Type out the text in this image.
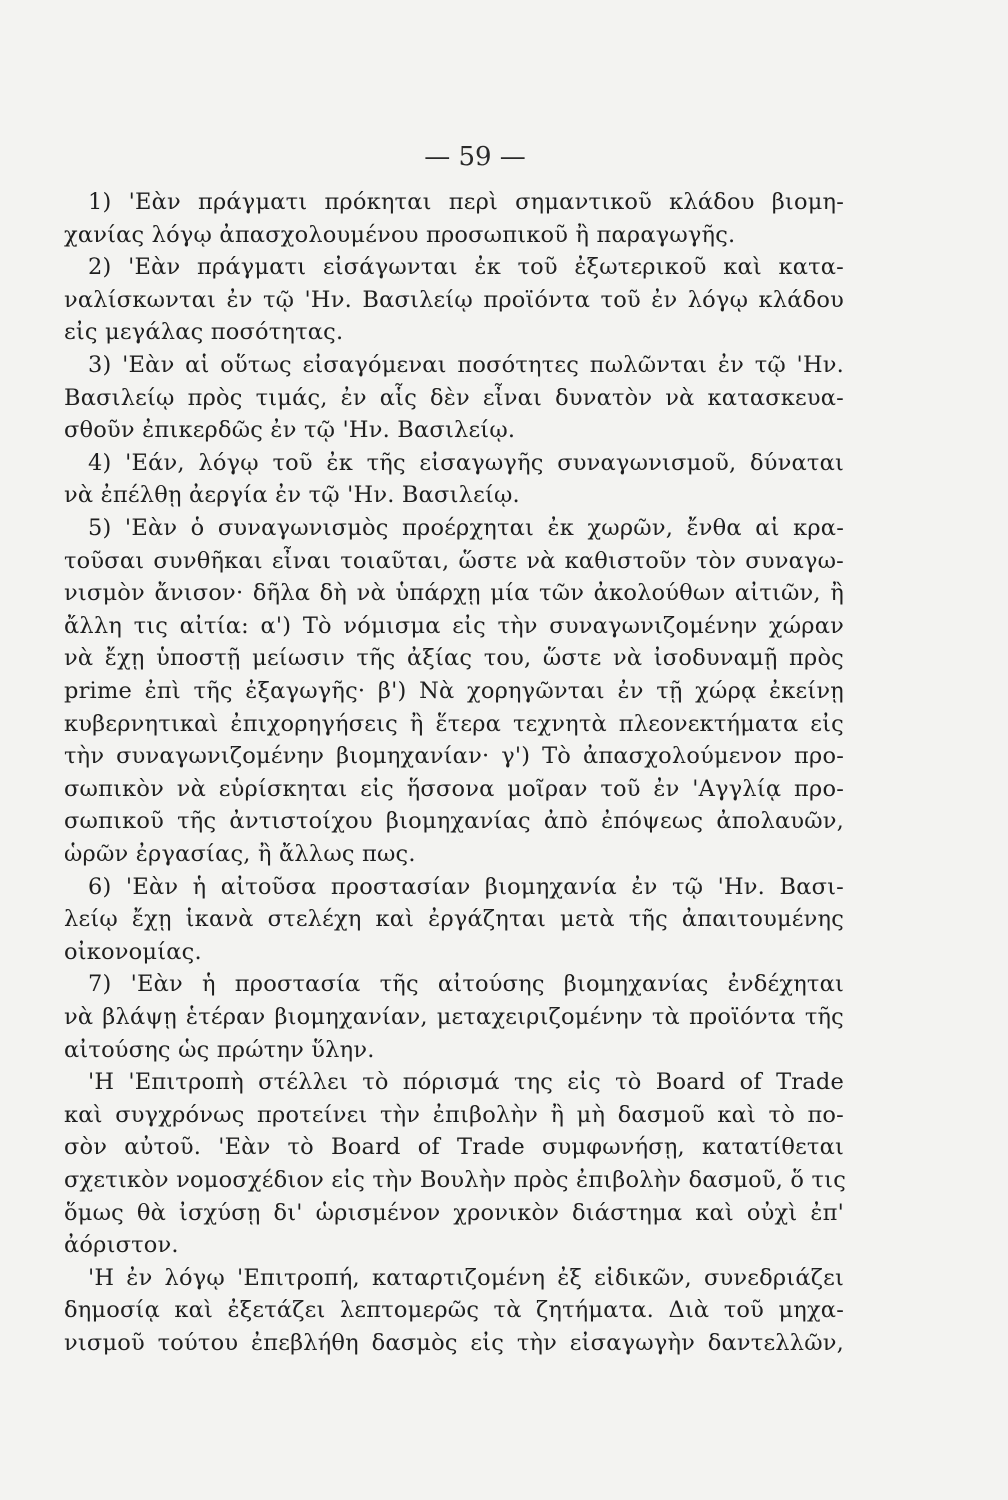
— 59 —
1) 'Εὰν πράγματι πρόκηται περὶ σημαντικοῦ κλάδου βιομη-
χανίας λόγῳ ἀπασχολουμένου προσωπικοῦ ἢ παραγωγῆς.
2) 'Εὰν πράγματι εἰσάγωνται ἐκ τοῦ ἐξωτερικοῦ καὶ κατα-
ναλίσκωνται ἐν τῷ 'Ην. Βασιλείῳ προϊόντα τοῦ ἐν λόγῳ κλάδου
εἰς μεγάλας ποσότητας.
3) 'Εὰν αἱ οὕτως εἰσαγόμεναι ποσότητες πωλῶνται ἐν τῷ 'Ην.
Βασιλείῳ πρὸς τιμάς, ἐν αἷς δὲν εἶναι δυνατὸν νὰ κατασκευα-
σθοῦν ἐπικερδῶς ἐν τῷ 'Ην. Βασιλείῳ.
4) 'Εάν, λόγῳ τοῦ ἐκ τῆς εἰσαγωγῆς συναγωνισμοῦ, δύναται
νὰ ἐπέλθῃ ἀεργία ἐν τῷ 'Ην. Βασιλείῳ.
5) 'Εὰν ὁ συναγωνισμὸς προέρχηται ἐκ χωρῶν, ἔνθα αἱ κρα-
τοῦσαι συνθῆκαι εἶναι τοιαῦται, ὥστε νὰ καθιστοῦν τὸν συναγω-
νισμὸν ἄνισον· δῆλα δὴ νὰ ὑπάρχῃ μία τῶν ἀκολούθων αἰτιῶν, ἢ
ἄλλη τις αἰτία: α') Τὸ νόμισμα εἰς τὴν συναγωνιζομένην χώραν
νὰ ἔχῃ ὑποστῇ μείωσιν τῆς ἀξίας του, ὥστε νὰ ἰσοδυναμῇ πρὸς
prime ἐπὶ τῆς ἐξαγωγῆς· β') Νὰ χορηγῶνται ἐν τῇ χώρᾳ ἐκείνῃ
κυβερνητικαὶ ἐπιχορηγήσεις ἢ ἕτερα τεχνητὰ πλεονεκτήματα εἰς
τὴν συναγωνιζομένην βιομηχανίαν· γ') Τὸ ἀπασχολούμενον προ-
σωπικὸν νὰ εὑρίσκηται εἰς ἥσσονα μοῖραν τοῦ ἐν 'Αγγλίᾳ προ-
σωπικοῦ τῆς ἀντιστοίχου βιομηχανίας ἀπὸ ἐπόψεως ἀπολαυῶν,
ὡρῶν ἐργασίας, ἢ ἄλλως πως.
6) 'Εὰν ἡ αἰτοῦσα προστασίαν βιομηχανία ἐν τῷ 'Ην. Βασι-
λείῳ ἔχῃ ἱκανὰ στελέχη καὶ ἐργάζηται μετὰ τῆς ἀπαιτουμένης
οἰκονομίας.
7) 'Εὰν ἡ προστασία τῆς αἰτούσης βιομηχανίας ἐνδέχηται
νὰ βλάψῃ ἑτέραν βιομηχανίαν, μεταχειριζομένην τὰ προϊόντα τῆς
αἰτούσης ὡς πρώτην ὕλην.
'Η 'Επιτροπὴ στέλλει τὸ πόρισμά της εἰς τὸ Board of Trade
καὶ συγχρόνως προτείνει τὴν ἐπιβολὴν ἢ μὴ δασμοῦ καὶ τὸ πο-
σὸν αὐτοῦ. 'Εὰν τὸ Board of Trade συμφωνήσῃ, κατατίθεται
σχετικὸν νομοσχέδιον εἰς τὴν Βουλὴν πρὸς ἐπιβολὴν δασμοῦ, ὅ τις
ὅμως θὰ ἰσχύσῃ δι' ὡρισμένον χρονικὸν διάστημα καὶ οὐχὶ ἐπ'
ἀόριστον.
'Η ἐν λόγῳ 'Επιτροπή, καταρτιζομένη ἐξ εἰδικῶν, συνεδριάζει
δημοσίᾳ καὶ ἐξετάζει λεπτομερῶς τὰ ζητήματα. Διὰ τοῦ μηχα-
νισμοῦ τούτου ἐπεβλήθη δασμὸς εἰς τὴν εἰσαγωγὴν δαντελλῶν,
